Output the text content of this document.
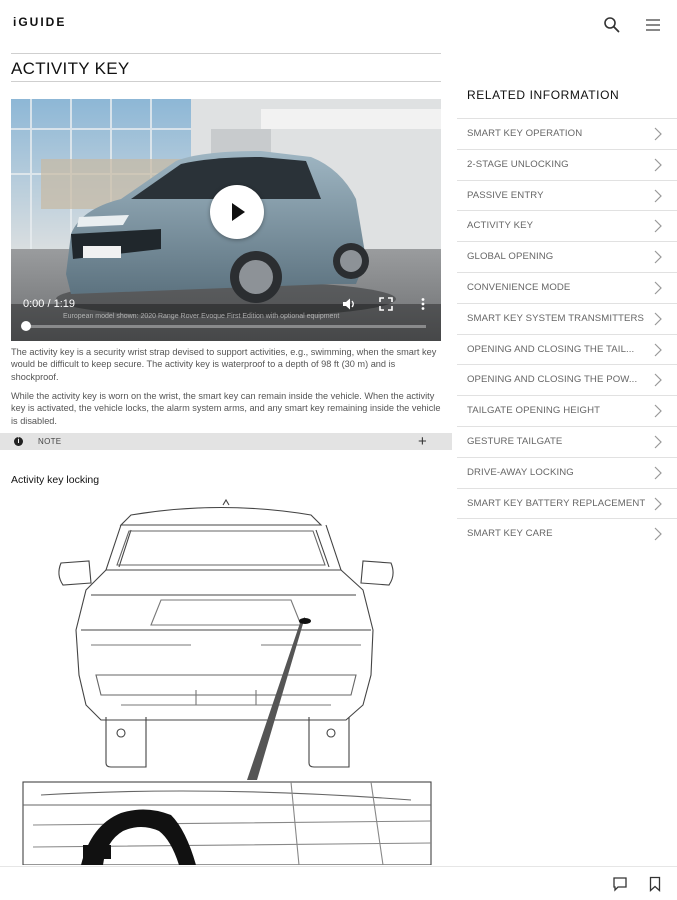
iGUIDE
ACTIVITY KEY
0:00 / 1:19
European model shown: 2020 Range Rover Evoque First Edition with optional equipment

The activity key is a security wrist strap devised to support activities, e.g., swimming, when the smart key would be difficult to keep secure. The activity key is waterproof to a depth of 98 ft (30 m) and is shockproof.

While the activity key is worn on the wrist, the smart key can remain inside the vehicle. When the activity key is activated, the vehicle locks, the alarm system arms, and any smart key remaining inside the vehicle is disabled.

i	NOTE	+
Activity key locking
RELATED INFORMATION
SMART KEY OPERATION
2-STAGE UNLOCKING
PASSIVE ENTRY
ACTIVITY KEY
GLOBAL OPENING
CONVENIENCE MODE
SMART KEY SYSTEM TRANSMITTERS
OPENING AND CLOSING THE TAIL...
OPENING AND CLOSING THE POW...
TAILGATE OPENING HEIGHT
GESTURE TAILGATE
DRIVE-AWAY LOCKING
SMART KEY BATTERY REPLACEMENT
SMART KEY CARE
